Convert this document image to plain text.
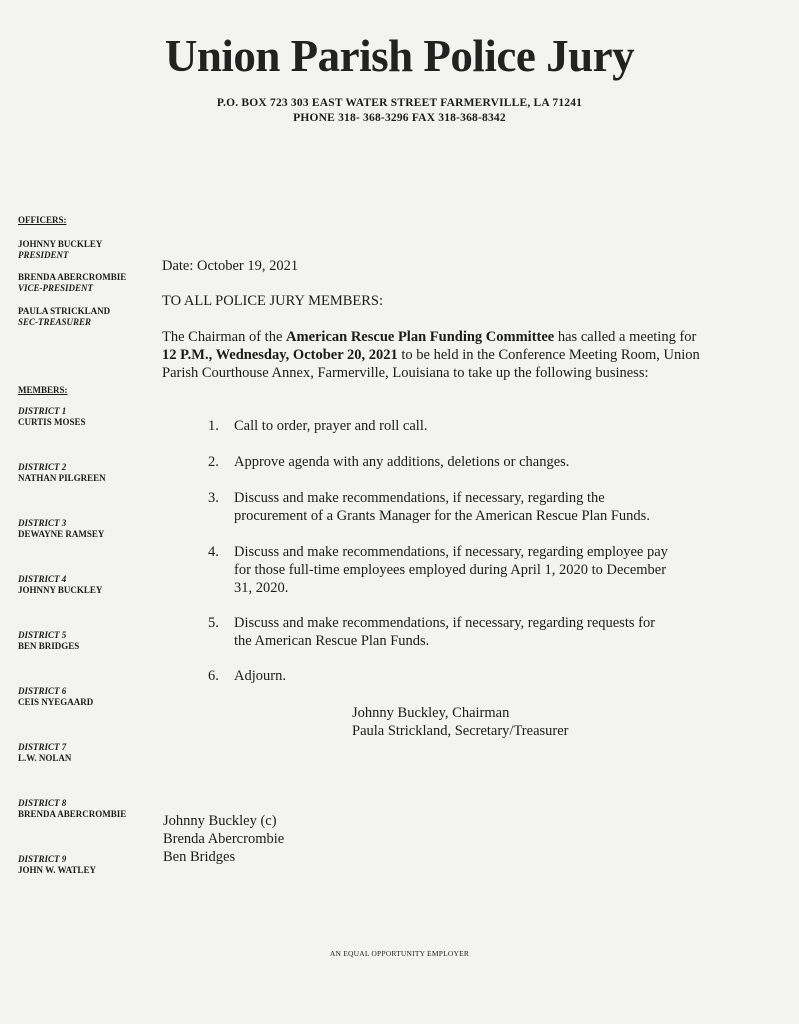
Union Parish Police Jury
P.O. BOX 723 303 EAST WATER STREET FARMERVILLE, LA 71241
PHONE 318- 368-3296 FAX 318-368-8342
OFFICERS:
JOHNNY BUCKLEY
PRESIDENT
BRENDA ABERCROMBIE
VICE-PRESIDENT
PAULA STRICKLAND
SEC-TREASURER
MEMBERS:
DISTRICT 1
CURTIS MOSES
DISTRICT 2
NATHAN PILGREEN
DISTRICT 3
DEWAYNE RAMSEY
DISTRICT 4
JOHNNY BUCKLEY
DISTRICT 5
BEN BRIDGES
DISTRICT 6
CEIS NYEGAARD
DISTRICT 7
L.W. NOLAN
DISTRICT 8
BRENDA ABERCROMBIE
DISTRICT 9
JOHN W. WATLEY
Date: October 19, 2021
TO ALL POLICE JURY MEMBERS:
The Chairman of the American Rescue Plan Funding Committee has called a meeting for 12 P.M., Wednesday, October 20, 2021 to be held in the Conference Meeting Room, Union Parish Courthouse Annex, Farmerville, Louisiana to take up the following business:
1. Call to order, prayer and roll call.
2. Approve agenda with any additions, deletions or changes.
3. Discuss and make recommendations, if necessary, regarding the
procurement of a Grants Manager for the American Rescue Plan Funds.
4. Discuss and make recommendations, if necessary, regarding employee pay
for those full-time employees employed during April 1, 2020 to December
31, 2020.
5. Discuss and make recommendations, if necessary, regarding requests for
the American Rescue Plan Funds.
6. Adjourn.
Johnny Buckley, Chairman
Paula Strickland, Secretary/Treasurer
Johnny Buckley (c)
Brenda Abercrombie
Ben Bridges
AN EQUAL OPPORTUNITY EMPLOYER
